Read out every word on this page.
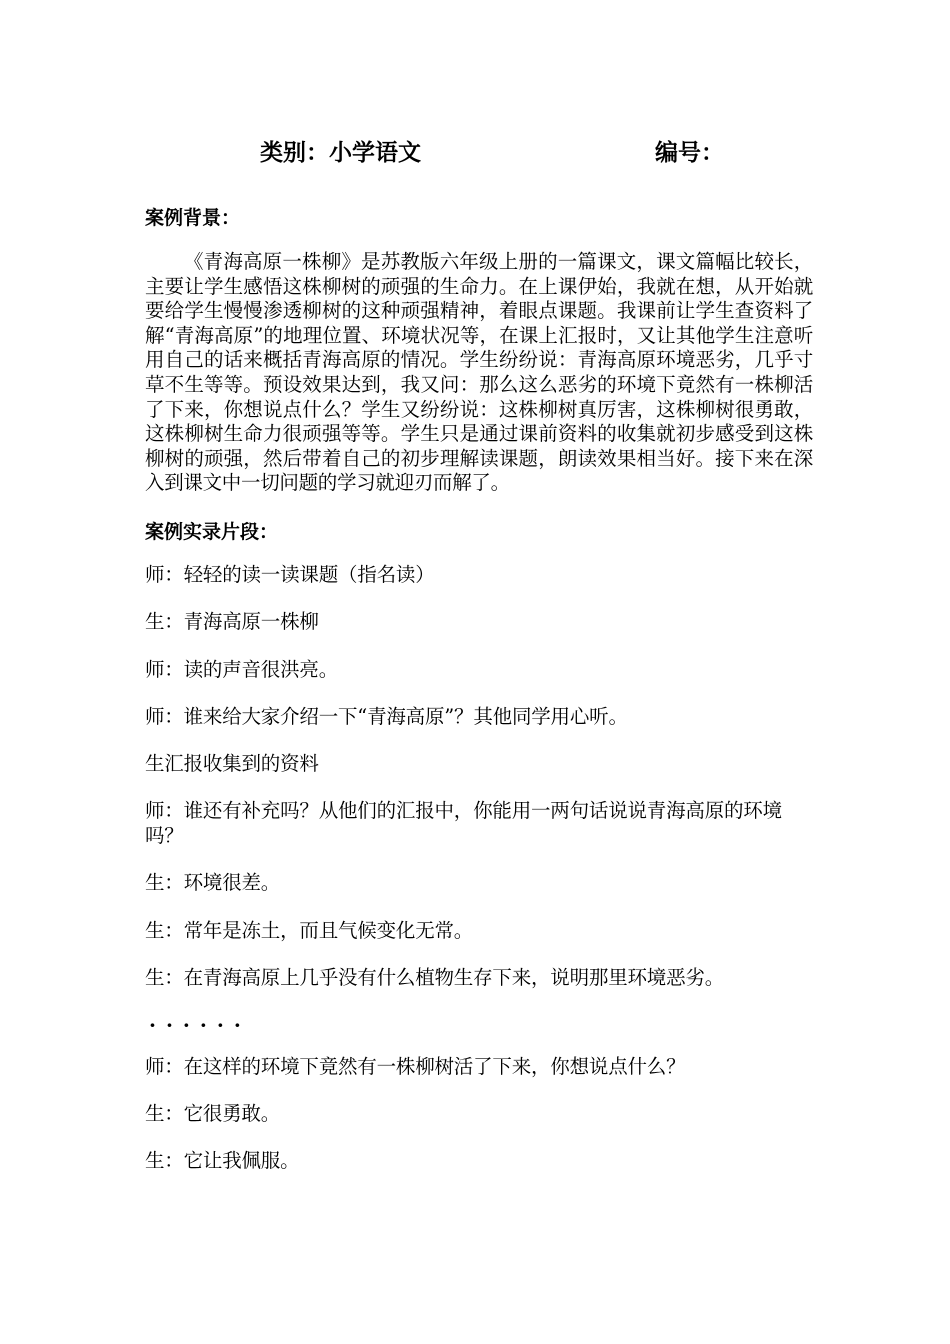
类别：小学语文	编号：

案例背景：

《青海高原一株柳》是苏教版六年级上册的一篇课文，课文篇幅比较长，主要让学生感悟这株柳树的顽强的生命力。在上课伊始，我就在想，从开始就要给学生慢慢渗透柳树的这种顽强精神，着眼点课题。我课前让学生查资料了解“青海高原”的地理位置、环境状况等，在课上汇报时，又让其他学生注意听用自己的话来概括青海高原的情况。学生纷纷说：青海高原环境恶劣，几乎寸草不生等等。预设效果达到，我又问：那么这么恶劣的环境下竟然有一株柳活了下来，你想说点什么？学生又纷纷说：这株柳树真厉害，这株柳树很勇敢，这株柳树生命力很顽强等等。学生只是通过课前资料的收集就初步感受到这株柳树的顽强，然后带着自己的初步理解读课题，朗读效果相当好。接下来在深入到课文中一切问题的学习就迎刃而解了。

案例实录片段：

师：轻轻的读一读课题（指名读）

生：青海高原一株柳

师：读的声音很洪亮。

师：谁来给大家介绍一下“青海高原”？其他同学用心听。

生汇报收集到的资料

师：谁还有补充吗？从他们的汇报中，你能用一两句话说说青海高原的环境吗？

生：环境很差。

生：常年是冻土，而且气候变化无常。

生：在青海高原上几乎没有什么植物生存下来，说明那里环境恶劣。

······

师：在这样的环境下竟然有一株柳树活了下来，你想说点什么？

生：它很勇敢。

生：它让我佩服。
